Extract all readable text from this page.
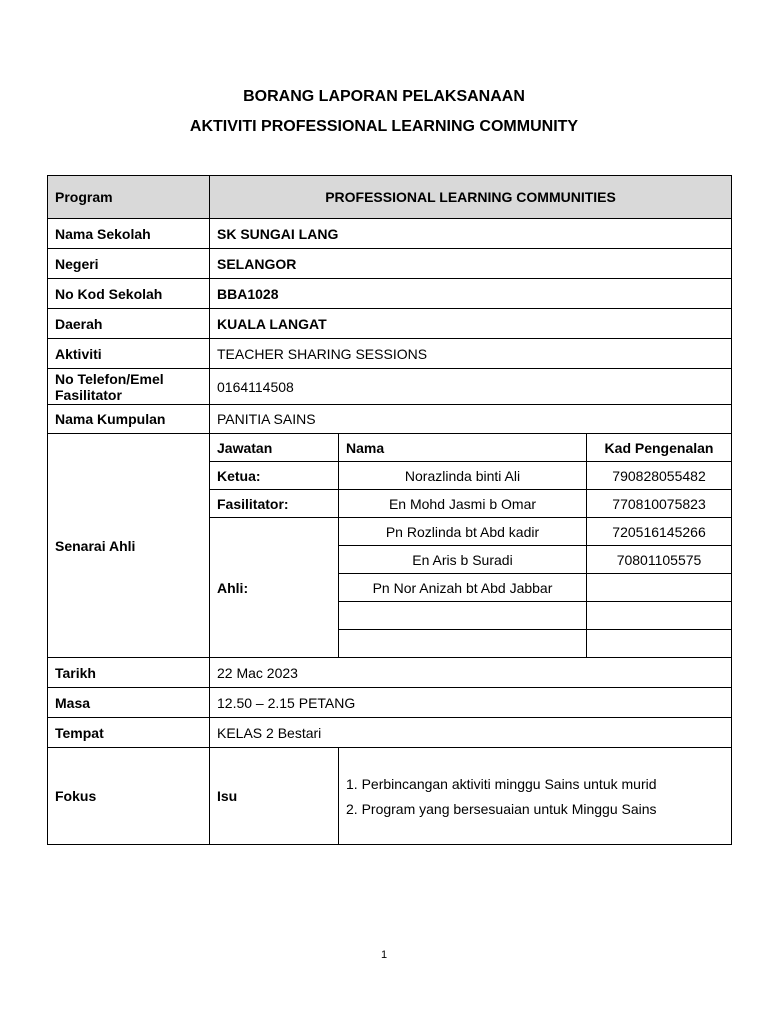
BORANG LAPORAN PELAKSANAAN
AKTIVITI PROFESSIONAL LEARNING COMMUNITY
Program	PROFESSIONAL LEARNING COMMUNITIES		
Nama Sekolah	SK SUNGAI LANG		
Negeri	SELANGOR		
No Kod Sekolah	BBA1028		
Daerah	KUALA LANGAT		
Aktiviti	TEACHER SHARING SESSIONS		

No Telefon/Emel
Fasilitator	0164114508		
Nama Kumpulan	PANITIA SAINS		
Senarai Ahli	Jawatan	Nama	Kad Pengenalan
	Ketua:	Norazlinda binti Ali	790828055482
	Fasilitator:	En Mohd Jasmi b Omar	770810075823
	Ahli:	Pn Rozlinda bt Abd kadir	720516145266
		En Aris b Suradi	70801105575
		Pn Nor Anizah bt Abd Jabbar	

Tarikh	22 Mac 2023		
Masa	12.50 – 2.15 PETANG		
Tempat	KELAS 2 Bestari		
Fokus	Isu	1. Perbincangan aktiviti minggu Sains untuk murid
2. Program yang bersesuaian untuk Minggu Sains	
1
